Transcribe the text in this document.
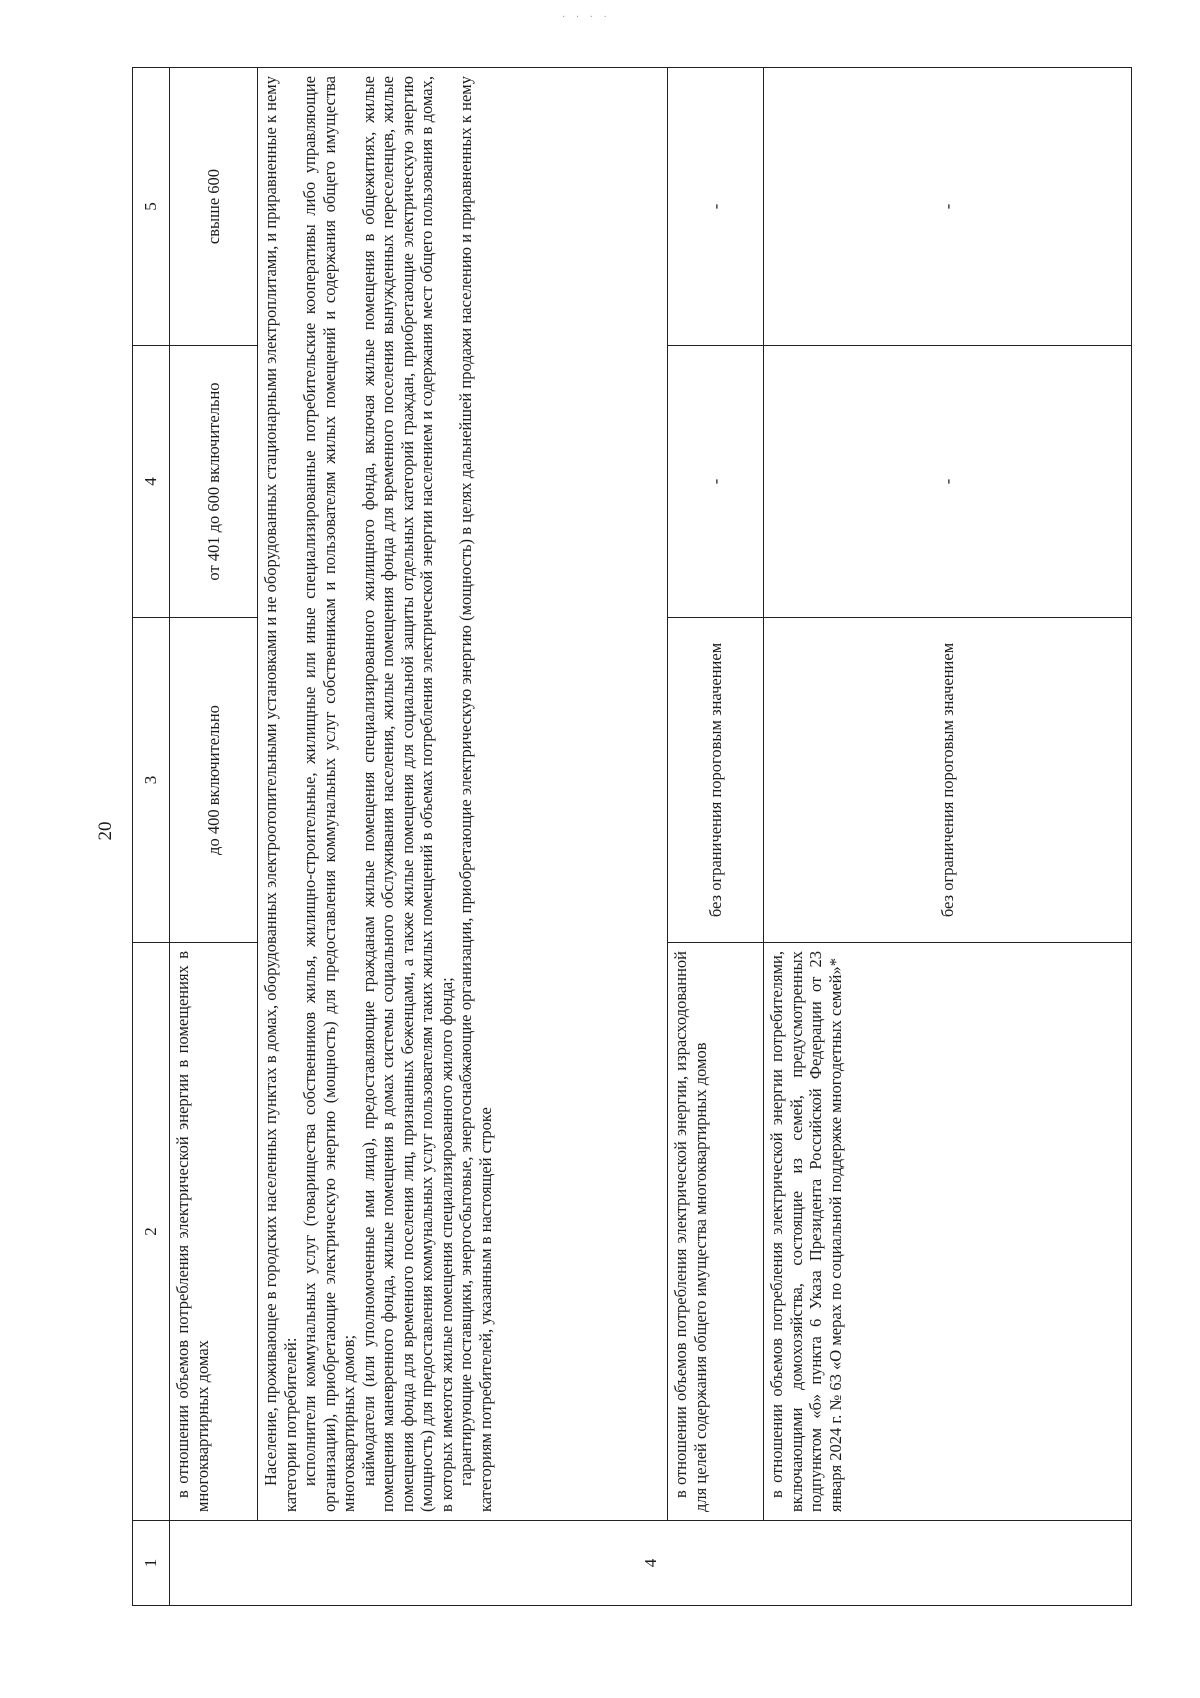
· · · ·
20
1	2	3	4	5
4	в отношении объемов потребления электрической энергии в помещениях в многоквартирных домах	до 400 включительно	от 401 до 600 включительно	свыше 600

	Население, проживающее в городских населенных пунктах в домах, оборудованных электроотопительными установками и не оборудованных стационарными электроплитами, и приравненные к нему категории потребителей: исполнители коммунальных услуг (товарищества собственников жилья, жилищно-строительные, жилищные или иные специализированные потребительские кооперативы либо управляющие организации), приобретающие электрическую энергию (мощность) для предоставления коммунальных услуг собственникам и пользователям жилых помещений и содержания общего имущества многоквартирных домов; наймодатели (или уполномоченные ими лица), предоставляющие гражданам жилые помещения специализированного жилищного фонда, включая жилые помещения в общежитиях, жилые помещения маневренного фонда, жилые помещения в домах системы социального обслуживания населения, жилые помещения фонда для временного поселения вынужденных переселенцев, жилые помещения фонда для временного поселения лиц, признанных беженцами, а также жилые помещения для социальной защиты отдельных категорий граждан, приобретающие электрическую энергию (мощность) для предоставления коммунальных услуг пользователям таких жилых помещений в объемах потребления электрической энергии населением и содержания мест общего пользования в домах, в которых имеются жилые помещения специализированного жилого фонда; гарантирующие поставщики, энергосбытовые, энергоснабжающие организации, приобретающие электрическую энергию (мощность) в целях дальнейшей продажи населению и приравненных к нему категориям потребителей, указанным в настоящей строке			

	в отношении объемов потребления электрической энергии, израсходованной для целей содержания общего имущества многоквартирных домов	без ограничения пороговым значением	-	-

	в отношении объемов потребления электрической энергии потребителями, включающими домохозяйства, состоящие из семей, предусмотренных подпунктом «б» пункта 6 Указа Президента Российской Федерации от 23 января 2024 г. № 63 «О мерах по социальной поддержке многодетных семей»*	без ограничения пороговым значением	-	-
